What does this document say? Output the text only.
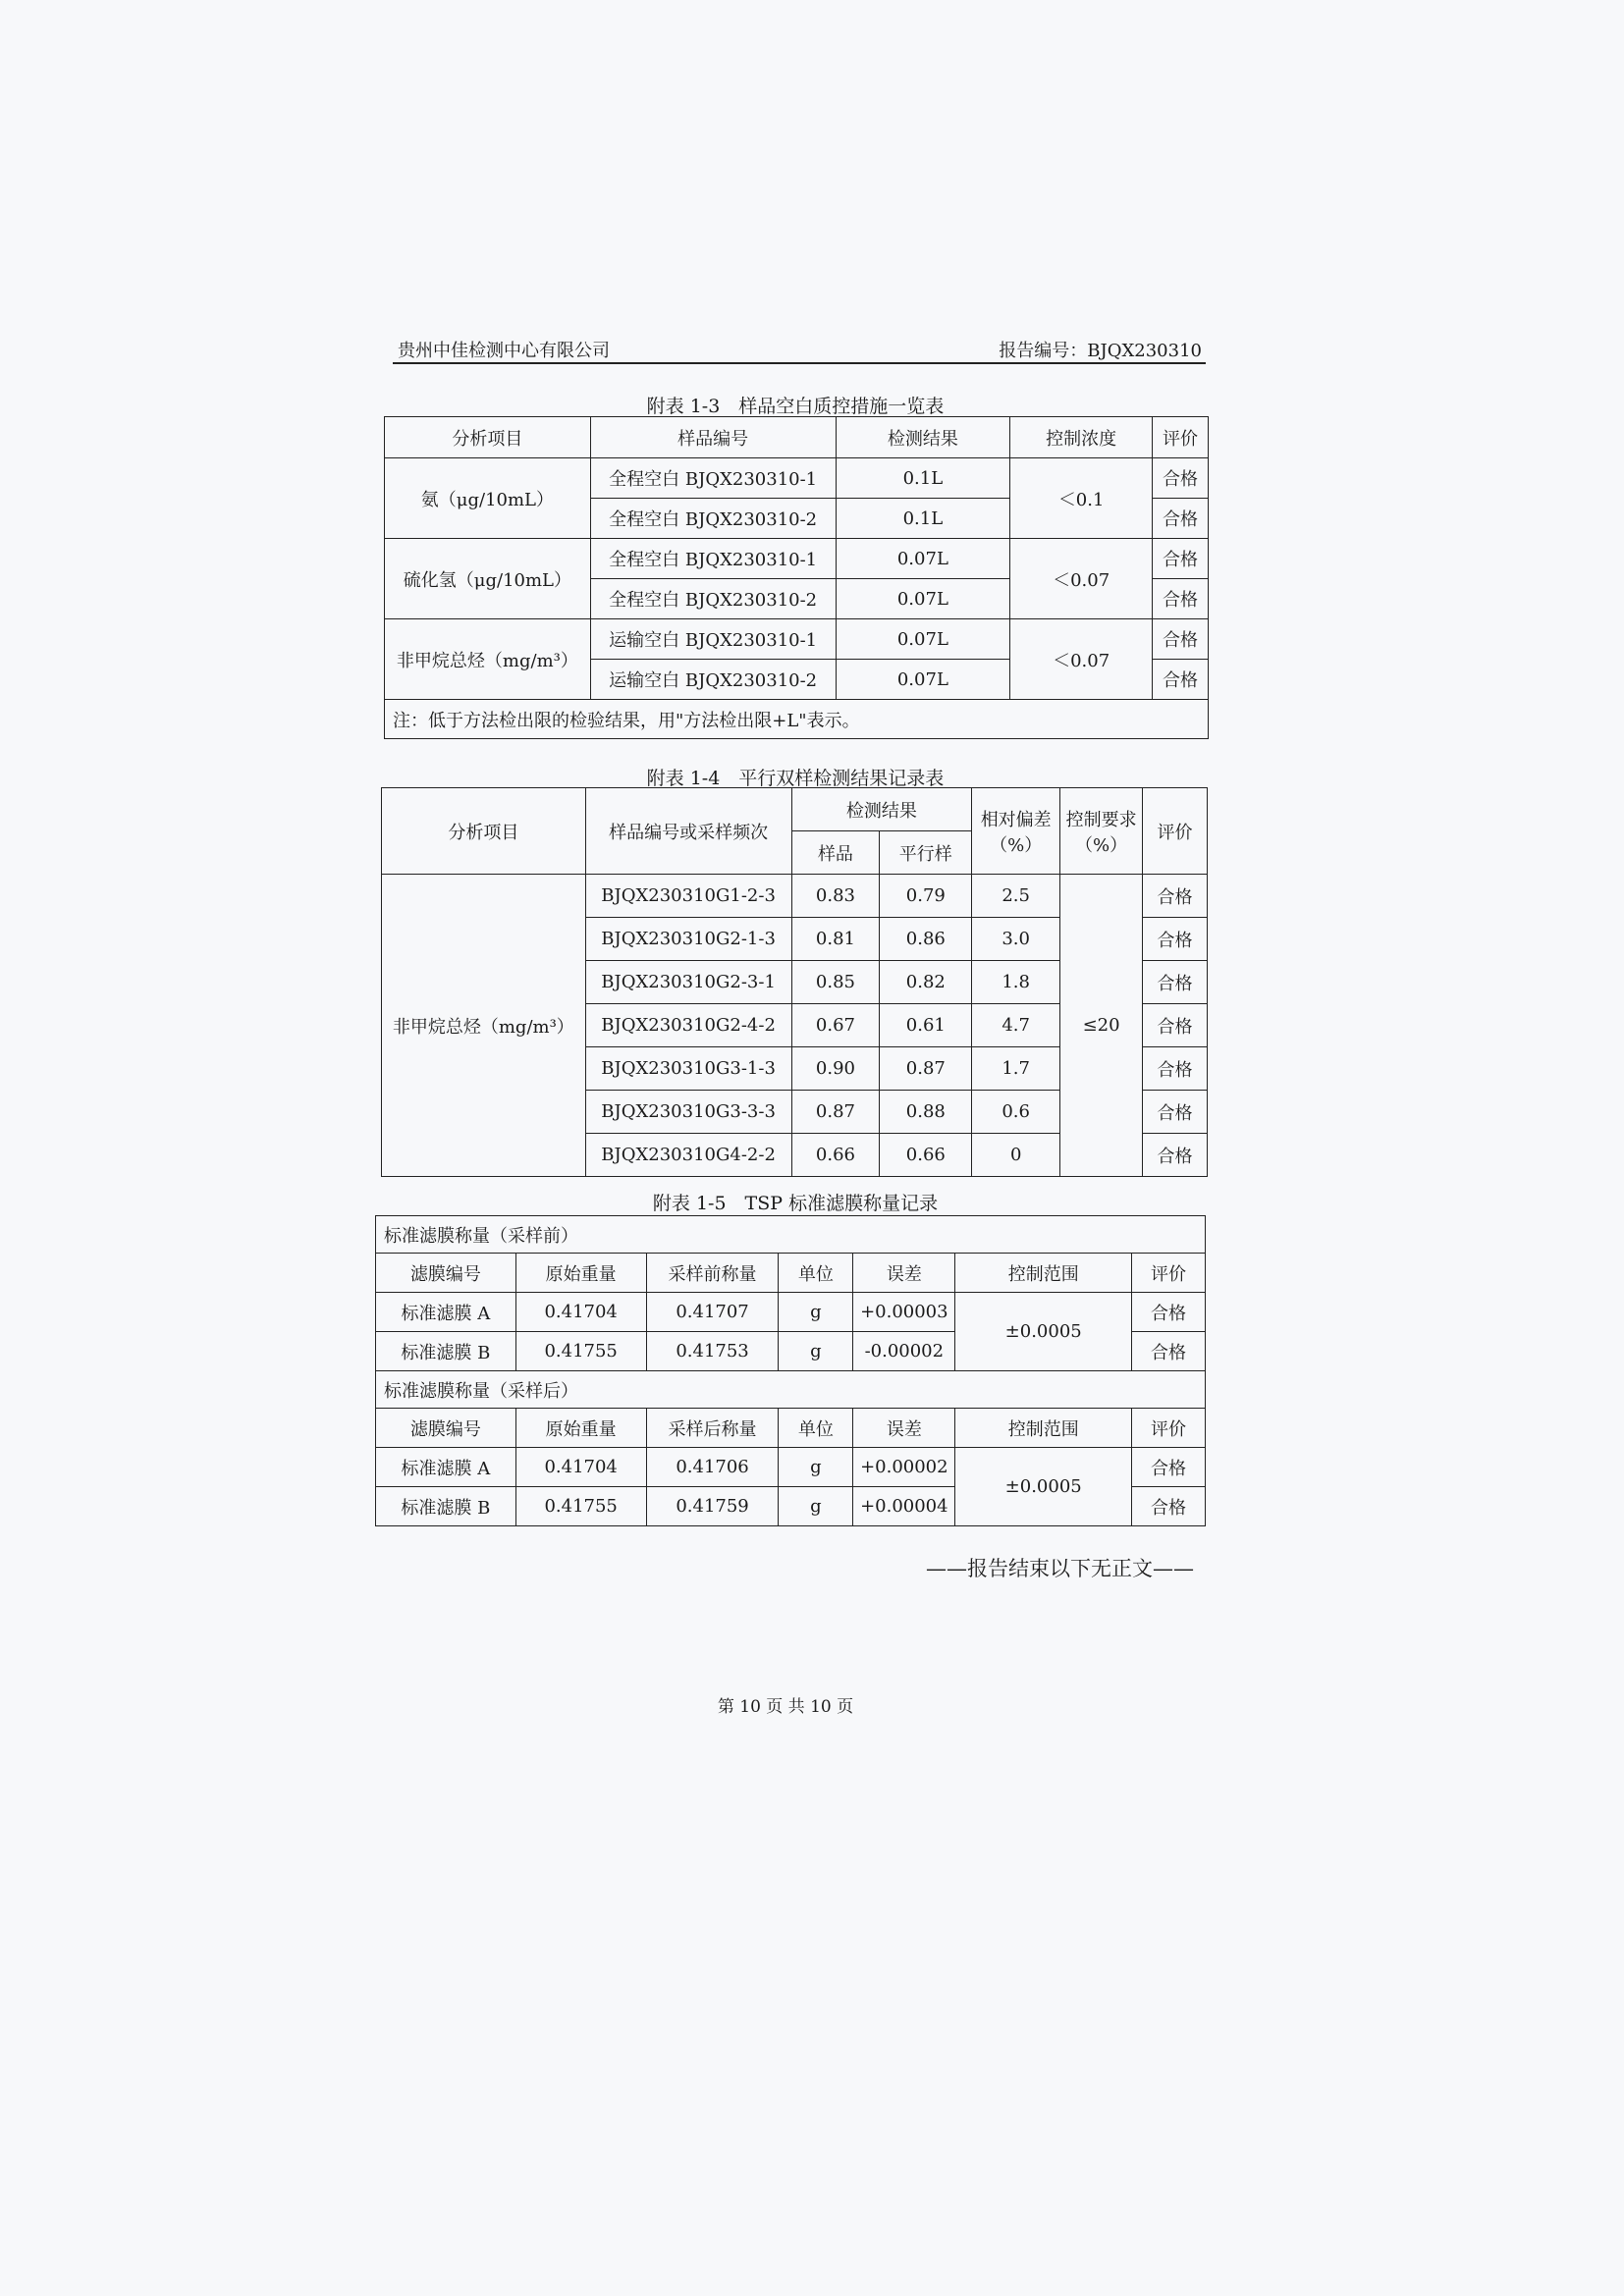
贵州中佳检测中心有限公司	报告编号：BJQX230310
附表 1-3　样品空白质控措施一览表
分析项目	样品编号	检测结果	控制浓度	评价
氨（μg/10mL）	全程空白 BJQX230310-1	0.1L	＜0.1	合格
	全程空白 BJQX230310-2	0.1L		合格
硫化氢（μg/10mL）	全程空白 BJQX230310-1	0.07L	＜0.07	合格
	全程空白 BJQX230310-2	0.07L		合格
非甲烷总烃（mg/m³）	运输空白 BJQX230310-1	0.07L	＜0.07	合格
	运输空白 BJQX230310-2	0.07L		合格
注：低于方法检出限的检验结果，用"方法检出限+L"表示。				
附表 1-4　平行双样检测结果记录表
分析项目	样品编号或采样频次	检测结果		相对偏差（%）	控制要求（%）	评价
		样品	平行样			
非甲烷总烃（mg/m³）	BJQX230310G1-2-3	0.83	0.79	2.5	≤20	合格
	BJQX230310G2-1-3	0.81	0.86	3.0		合格
	BJQX230310G2-3-1	0.85	0.82	1.8		合格
	BJQX230310G2-4-2	0.67	0.61	4.7		合格
	BJQX230310G3-1-3	0.90	0.87	1.7		合格
	BJQX230310G3-3-3	0.87	0.88	0.6		合格
	BJQX230310G4-2-2	0.66	0.66	0		合格
附表 1-5　TSP 标准滤膜称量记录
标准滤膜称量（采样前）						
滤膜编号	原始重量	采样前称量	单位	误差	控制范围	评价
标准滤膜 A	0.41704	0.41707	g	+0.00003	±0.0005	合格
标准滤膜 B	0.41755	0.41753	g	-0.00002		合格
标准滤膜称量（采样后）						
滤膜编号	原始重量	采样后称量	单位	误差	控制范围	评价
标准滤膜 A	0.41704	0.41706	g	+0.00002	±0.0005	合格
标准滤膜 B	0.41755	0.41759	g	+0.00004		合格
——报告结束以下无正文——
第 10 页 共 10 页
